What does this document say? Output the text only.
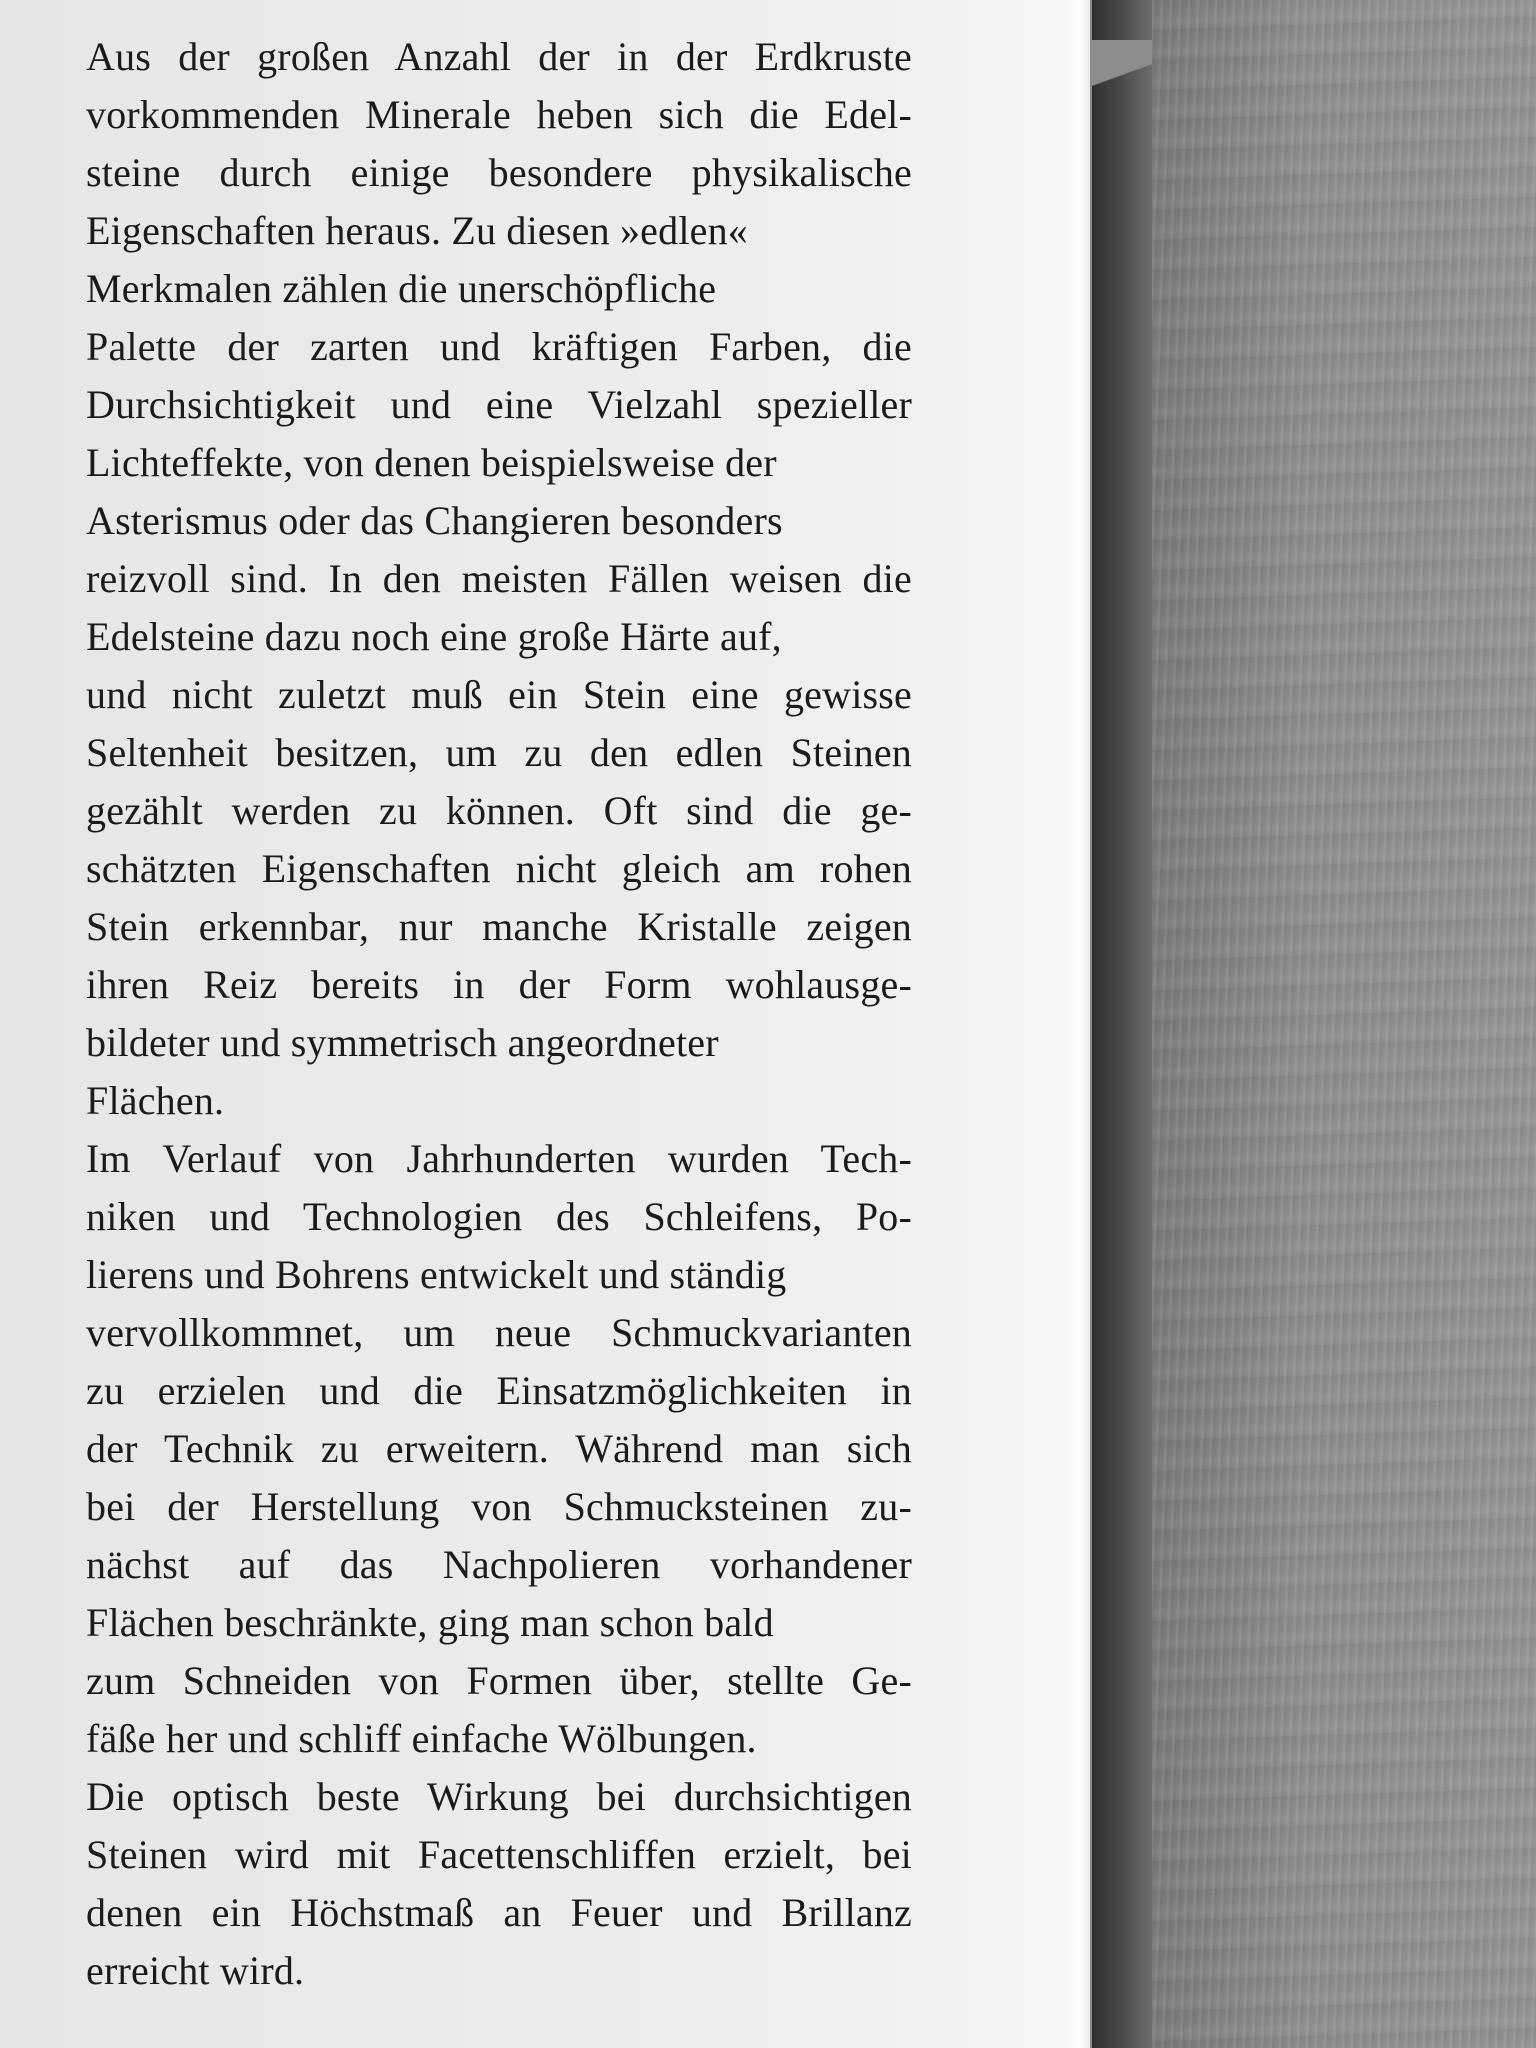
Aus der großen Anzahl der in der Erdkruste
vorkommenden Minerale heben sich die Edel-
steine durch einige besondere physikalische
Eigenschaften heraus. Zu diesen »edlen«
Merkmalen zählen die unerschöpfliche
Palette der zarten und kräftigen Farben, die
Durchsichtigkeit und eine Vielzahl spezieller
Lichteffekte, von denen beispielsweise der
Asterismus oder das Changieren besonders
reizvoll sind. In den meisten Fällen weisen die
Edelsteine dazu noch eine große Härte auf,
und nicht zuletzt muß ein Stein eine gewisse
Seltenheit besitzen, um zu den edlen Steinen
gezählt werden zu können. Oft sind die ge-
schätzten Eigenschaften nicht gleich am rohen
Stein erkennbar, nur manche Kristalle zeigen
ihren Reiz bereits in der Form wohlausge-
bildeter und symmetrisch angeordneter
Flächen.
Im Verlauf von Jahrhunderten wurden Tech-
niken und Technologien des Schleifens, Po-
lierens und Bohrens entwickelt und ständig
vervollkommnet, um neue Schmuckvarianten
zu erzielen und die Einsatzmöglichkeiten in
der Technik zu erweitern. Während man sich
bei der Herstellung von Schmucksteinen zu-
nächst auf das Nachpolieren vorhandener
Flächen beschränkte, ging man schon bald
zum Schneiden von Formen über, stellte Ge-
fäße her und schliff einfache Wölbungen.
Die optisch beste Wirkung bei durchsichtigen
Steinen wird mit Facettenschliffen erzielt, bei
denen ein Höchstmaß an Feuer und Brillanz
erreicht wird.
